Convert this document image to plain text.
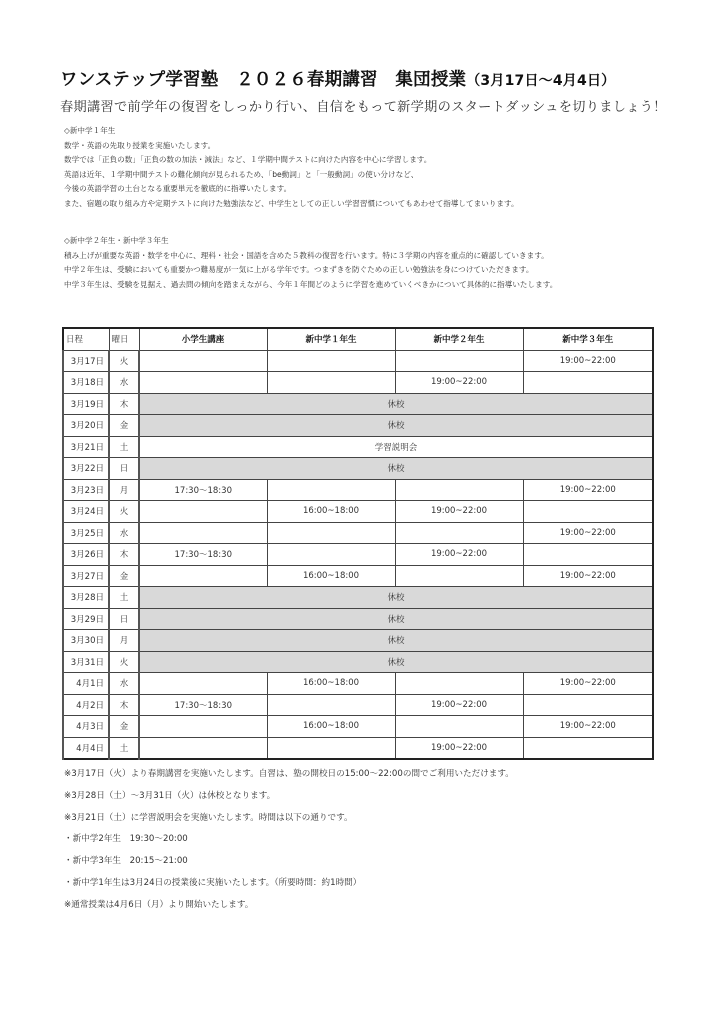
ワンステップ学習塾　２０２６春期講習　集団授業（3月17日～4月4日）
春期講習で前学年の復習をしっかり行い、自信をもって新学期のスタートダッシュを切りましょう！
◇新中学１年生
数学・英語の先取り授業を実施いたします。
数学では「正負の数」「正負の数の加法・減法」など、１学期中間テストに向けた内容を中心に学習します。
英語は近年、１学期中間テストの難化傾向が見られるため、「be動詞」と「一般動詞」の使い分けなど、
今後の英語学習の土台となる重要単元を徹底的に指導いたします。
また、宿題の取り組み方や定期テストに向けた勉強法など、中学生としての正しい学習習慣についてもあわせて指導してまいります。
◇新中学２年生・新中学３年生
積み上げが重要な英語・数学を中心に、理科・社会・国語を含めた５教科の復習を行います。特に３学期の内容を重点的に確認していきます。
中学２年生は、受験においても重要かつ難易度が一気に上がる学年です。つまずきを防ぐための正しい勉強法を身につけていただきます。
中学３年生は、受験を見据え、過去問の傾向を踏まえながら、今年１年間どのように学習を進めていくべきかについて具体的に指導いたします。
日程	曜日	小学生講座	新中学１年生	新中学２年生	新中学３年生
3月17日	火				19:00~22:00
3月18日	水			19:00~22:00	
3月19日	木	休校			
3月20日	金	休校			
3月21日	土	学習説明会			
3月22日	日	休校			
3月23日	月	17:30～18:30			19:00~22:00
3月24日	火		16:00~18:00	19:00~22:00	
3月25日	水				19:00~22:00
3月26日	木	17:30～18:30		19:00~22:00	
3月27日	金		16:00~18:00		19:00~22:00
3月28日	土	休校			
3月29日	日	休校			
3月30日	月	休校			
3月31日	火	休校			
4月1日	水		16:00~18:00		19:00~22:00
4月2日	木	17:30～18:30		19:00~22:00	
4月3日	金		16:00~18:00		19:00~22:00
4月4日	土			19:00~22:00	
※3月17日（火）より春期講習を実施いたします。自習は、塾の開校日の15:00～22:00の間でご利用いただけます。
※3月28日（土）～3月31日（火）は休校となります。
※3月21日（土）に学習説明会を実施いたします。時間は以下の通りです。
・新中学2年生　19:30～20:00
・新中学3年生　20:15～21:00
・新中学1年生は3月24日の授業後に実施いたします。（所要時間：約1時間）
※通常授業は4月6日（月）より開始いたします。
